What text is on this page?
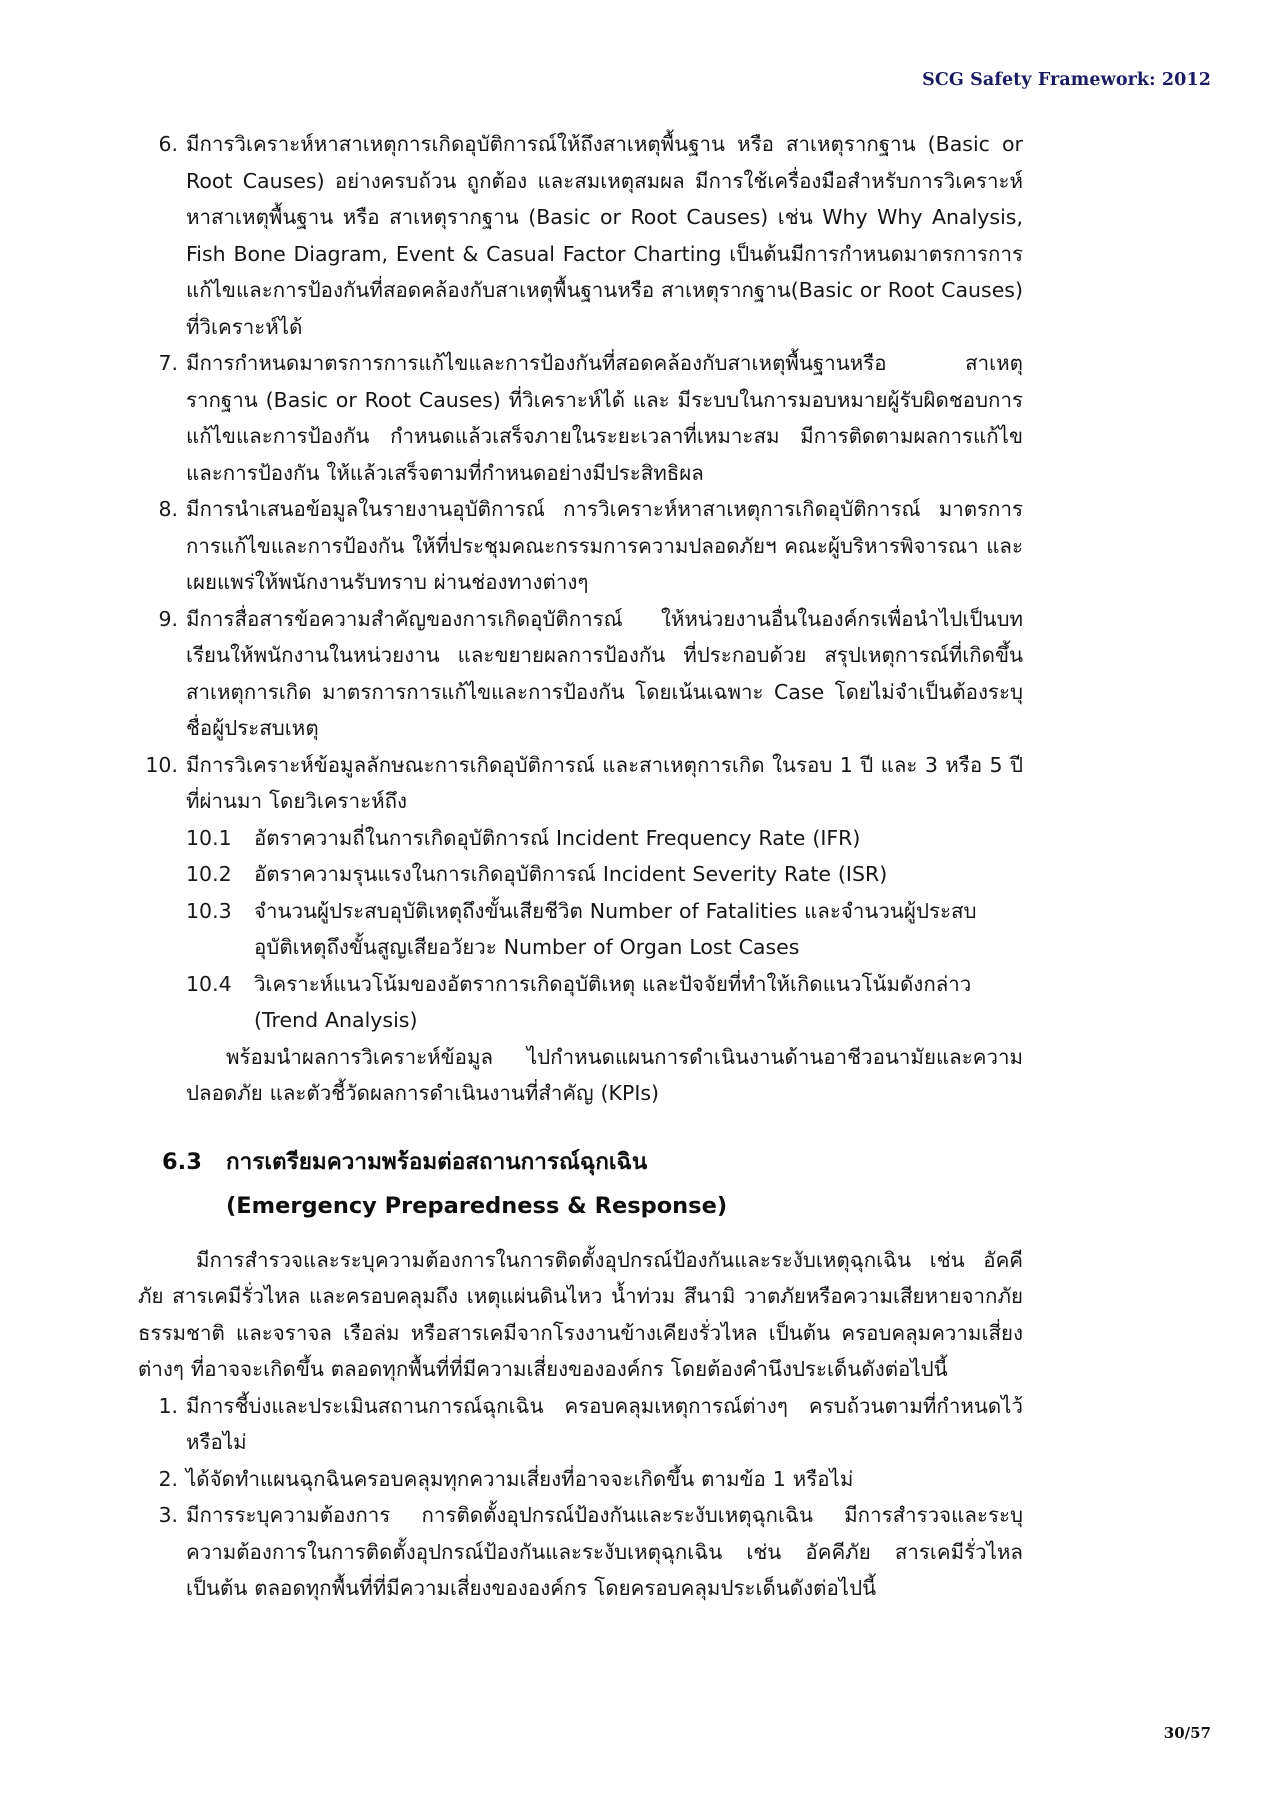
SCG Safety Framework: 2012
6. มีการวิเคราะห์หาสาเหตุการเกิดอุบัติการณ์ให้ถึงสาเหตุพื้นฐาน หรือ สาเหตุรากฐาน (Basic or Root Causes) อย่างครบถ้วน ถูกต้อง และสมเหตุสมผล มีการใช้เครื่องมือสำหรับการวิเคราะห์หาสาเหตุพื้นฐาน หรือ สาเหตุรากฐาน (Basic or Root Causes) เช่น Why Why Analysis, Fish Bone Diagram, Event & Casual Factor Charting เป็นต้นมีการกำหนดมาตรการการแก้ไขและการป้องกันที่สอดคล้องกับสาเหตุพื้นฐานหรือ สาเหตุรากฐาน(Basic or Root Causes) ที่วิเคราะห์ได้
7. มีการกำหนดมาตรการการแก้ไขและการป้องกันที่สอดคล้องกับสาเหตุพื้นฐานหรือ สาเหตุรากฐาน (Basic or Root Causes) ที่วิเคราะห์ได้ และ มีระบบในการมอบหมายผู้รับผิดชอบการแก้ไขและการป้องกัน กำหนดแล้วเสร็จภายในระยะเวลาที่เหมาะสม มีการติดตามผลการแก้ไขและการป้องกัน ให้แล้วเสร็จตามที่กำหนดอย่างมีประสิทธิผล
8. มีการนำเสนอข้อมูลในรายงานอุบัติการณ์ การวิเคราะห์หาสาเหตุการเกิดอุบัติการณ์ มาตรการการแก้ไขและการป้องกัน ให้ที่ประชุมคณะกรรมการความปลอดภัยฯ คณะผู้บริหารพิจารณา และเผยแพร่ให้พนักงานรับทราบ ผ่านช่องทางต่างๆ
9. มีการสื่อสารข้อความสำคัญของการเกิดอุบัติการณ์ ให้หน่วยงานอื่นในองค์กรเพื่อนำไปเป็นบทเรียนให้พนักงานในหน่วยงาน และขยายผลการป้องกัน ที่ประกอบด้วย สรุปเหตุการณ์ที่เกิดขึ้น สาเหตุการเกิด มาตรการการแก้ไขและการป้องกัน โดยเน้นเฉพาะ Case โดยไม่จำเป็นต้องระบุชื่อผู้ประสบเหตุ
10. มีการวิเคราะห์ข้อมูลลักษณะการเกิดอุบัติการณ์ และสาเหตุการเกิด ในรอบ 1 ปี และ 3 หรือ 5 ปีที่ผ่านมา โดยวิเคราะห์ถึง
10.1	อัตราความถี่ในการเกิดอุบัติการณ์ Incident Frequency Rate (IFR)
10.2	อัตราความรุนแรงในการเกิดอุบัติการณ์ Incident Severity Rate (ISR)
10.3	จำนวนผู้ประสบอุบัติเหตุถึงขั้นเสียชีวิต Number of Fatalities และจำนวนผู้ประสบอุบัติเหตุถึงขั้นสูญเสียอวัยวะ Number of Organ Lost Cases
10.4	วิเคราะห์แนวโน้มของอัตราการเกิดอุบัติเหตุ และปัจจัยที่ทำให้เกิดแนวโน้มดังกล่าว (Trend Analysis)
พร้อมนำผลการวิเคราะห์ข้อมูล ไปกำหนดแผนการดำเนินงานด้านอาชีวอนามัยและความปลอดภัย และตัวชี้วัดผลการดำเนินงานที่สำคัญ (KPIs)
6.3 การเตรียมความพร้อมต่อสถานการณ์ฉุกเฉิน
(Emergency Preparedness & Response)
มีการสำรวจและระบุความต้องการในการติดตั้งอุปกรณ์ป้องกันและระงับเหตุฉุกเฉิน เช่น อัคคีภัย สารเคมีรั่วไหล และครอบคลุมถึง เหตุแผ่นดินไหว น้ำท่วม สึนามิ วาตภัยหรือความเสียหายจากภัยธรรมชาติ และจราจล เรือล่ม หรือสารเคมีจากโรงงานข้างเคียงรั่วไหล เป็นต้น ครอบคลุมความเสี่ยงต่างๆ ที่อาจจะเกิดขึ้น ตลอดทุกพื้นที่ที่มีความเสี่ยงขององค์กร โดยต้องคำนึงประเด็นดังต่อไปนี้
1. มีการชี้บ่งและประเมินสถานการณ์ฉุกเฉิน ครอบคลุมเหตุการณ์ต่างๆ ครบถ้วนตามที่กำหนดไว้ หรือไม่
2. ได้จัดทำแผนฉุกฉินครอบคลุมทุกความเสี่ยงที่อาจจะเกิดขึ้น ตามข้อ 1 หรือไม่
3. มีการระบุความต้องการ การติดตั้งอุปกรณ์ป้องกันและระงับเหตุฉุกเฉิน มีการสำรวจและระบุความต้องการในการติดตั้งอุปกรณ์ป้องกันและระงับเหตุฉุกเฉิน เช่น อัคคีภัย สารเคมีรั่วไหล เป็นต้น ตลอดทุกพื้นที่ที่มีความเสี่ยงขององค์กร โดยครอบคลุมประเด็นดังต่อไปนี้
30/57
